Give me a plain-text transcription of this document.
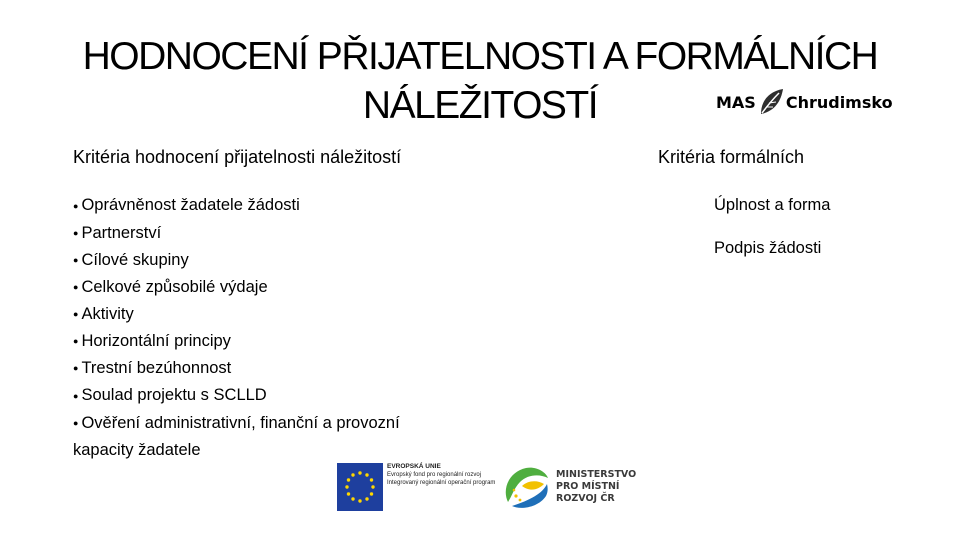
HODNOCENÍ PŘIJATELNOSTI A FORMÁLNÍCH
NÁLEŽITOSTÍ	MAS Chrudimsko
Kritéria hodnocení přijatelnosti náležitostí	Kritéria formálních
● Oprávněnost žadatele žádosti
● Partnerství
● Cílové skupiny
● Celkové způsobilé výdaje
● Aktivity
● Horizontální principy
● Trestní bezúhonnost
● Soulad projektu s SCLLD
● Ověření administrativní, finanční a provozní kapacity žadatele
Úplnost a forma
Podpis žádosti
EVROPSKÁ UNIE
Evropský fond pro regionální rozvoj
Integrovaný regionální operační program
MINISTERSTVO
PRO MÍSTNÍ
ROZVOJ ČR
